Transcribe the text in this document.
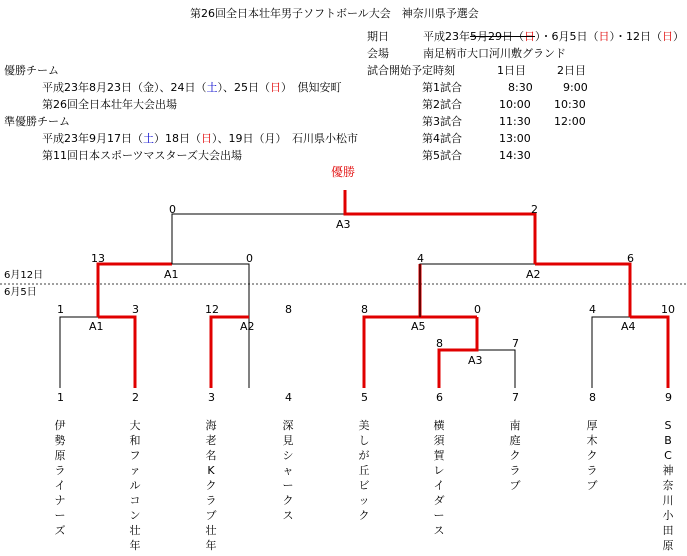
第26回全日本壮年男子ソフトボール大会　神奈川県予選会
期日	平成23年5月29日（日）・6月5日（日）・12日（日）
会場	南足柄市大口河川敷グランド
試合開始予定時刻	1日目	2日目
第1試合	8:30	9:00
第2試合	10:00 10:30
第3試合	11:30 12:00
第4試合	13:00
第5試合	14:30
優勝チーム
平成23年8月23日（金）、24日（土）、25日（日）　倶知安町
第26回全日本壮年大会出場
準優勝チーム
平成23年9月17日（土）18日（日）、19日（月）　石川県小松市
第11回日本スポーツマスターズ大会出場
優勝
0	2
A3
13	0
A1
4	6
A2
6月12日
6月5日
1	3
A1
12	8
A2
8	0
A5
4	10
A4
8	7
A3
1	2	3	4	5	6	7	8	9
伊勢原ライナーズ
大和ファルコン壮年
海老名Kクラブ壮年
深見シャークス
美しが丘ビック
横須賀レイダース
南庭クラブ
厚木クラブ
SBC神奈川小田原
